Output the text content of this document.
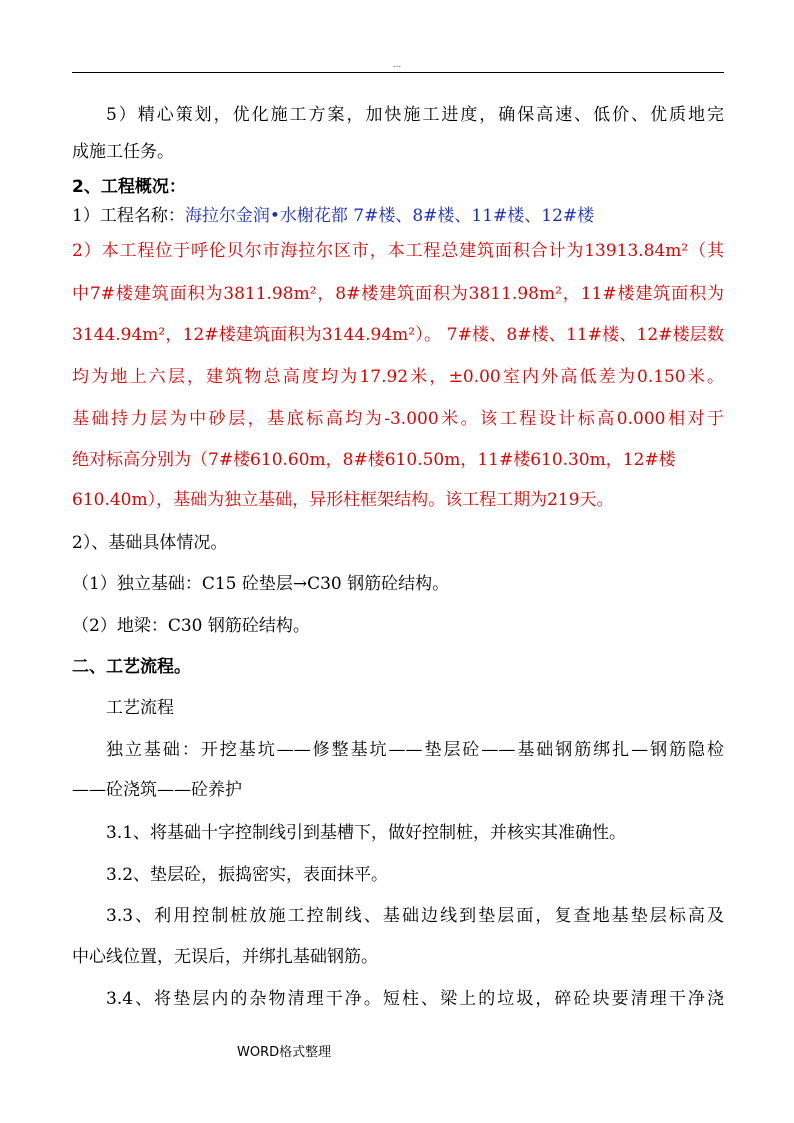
...
5）精心策划，优化施工方案，加快施工进度，确保高速、低价、优质地完
成施工任务。
2、工程概况：
1）工程名称：海拉尔金润•水榭花都 7#楼、8#楼、11#楼、12#楼
2）本工程位于呼伦贝尔市海拉尔区市，本工程总建筑面积合计为13913.84m²（其
中7#楼建筑面积为3811.98m²，8#楼建筑面积为3811.98m²，11#楼建筑面积为
3144.94m²，12#楼建筑面积为3144.94m²）。 7#楼、8#楼、11#楼、12#楼层数
均为地上六层，建筑物总高度均为17.92米，±0.00室内外高低差为0.150米。
基础持力层为中砂层，基底标高均为-3.000米。该工程设计标高0.000相对于
绝对标高分别为（7#楼610.60m，8#楼610.50m，11#楼610.30m，12#楼
610.40m），基础为独立基础，异形柱框架结构。该工程工期为219天。
2）、基础具体情况。
（1）独立基础：C15 砼垫层→C30 钢筋砼结构。
（2）地梁：C30 钢筋砼结构。
二、工艺流程。
工艺流程
独立基础：开挖基坑——修整基坑——垫层砼——基础钢筋绑扎—钢筋隐检
——砼浇筑——砼养护
3.1、将基础十字控制线引到基槽下，做好控制桩，并核实其准确性。
3.2、垫层砼，振捣密实，表面抹平。
3.3、利用控制桩放施工控制线、基础边线到垫层面，复查地基垫层标高及
中心线位置，无误后，并绑扎基础钢筋。
3.4、将垫层内的杂物清理干净。短柱、梁上的垃圾，碎砼块要清理干净浇
WORD格式整理
